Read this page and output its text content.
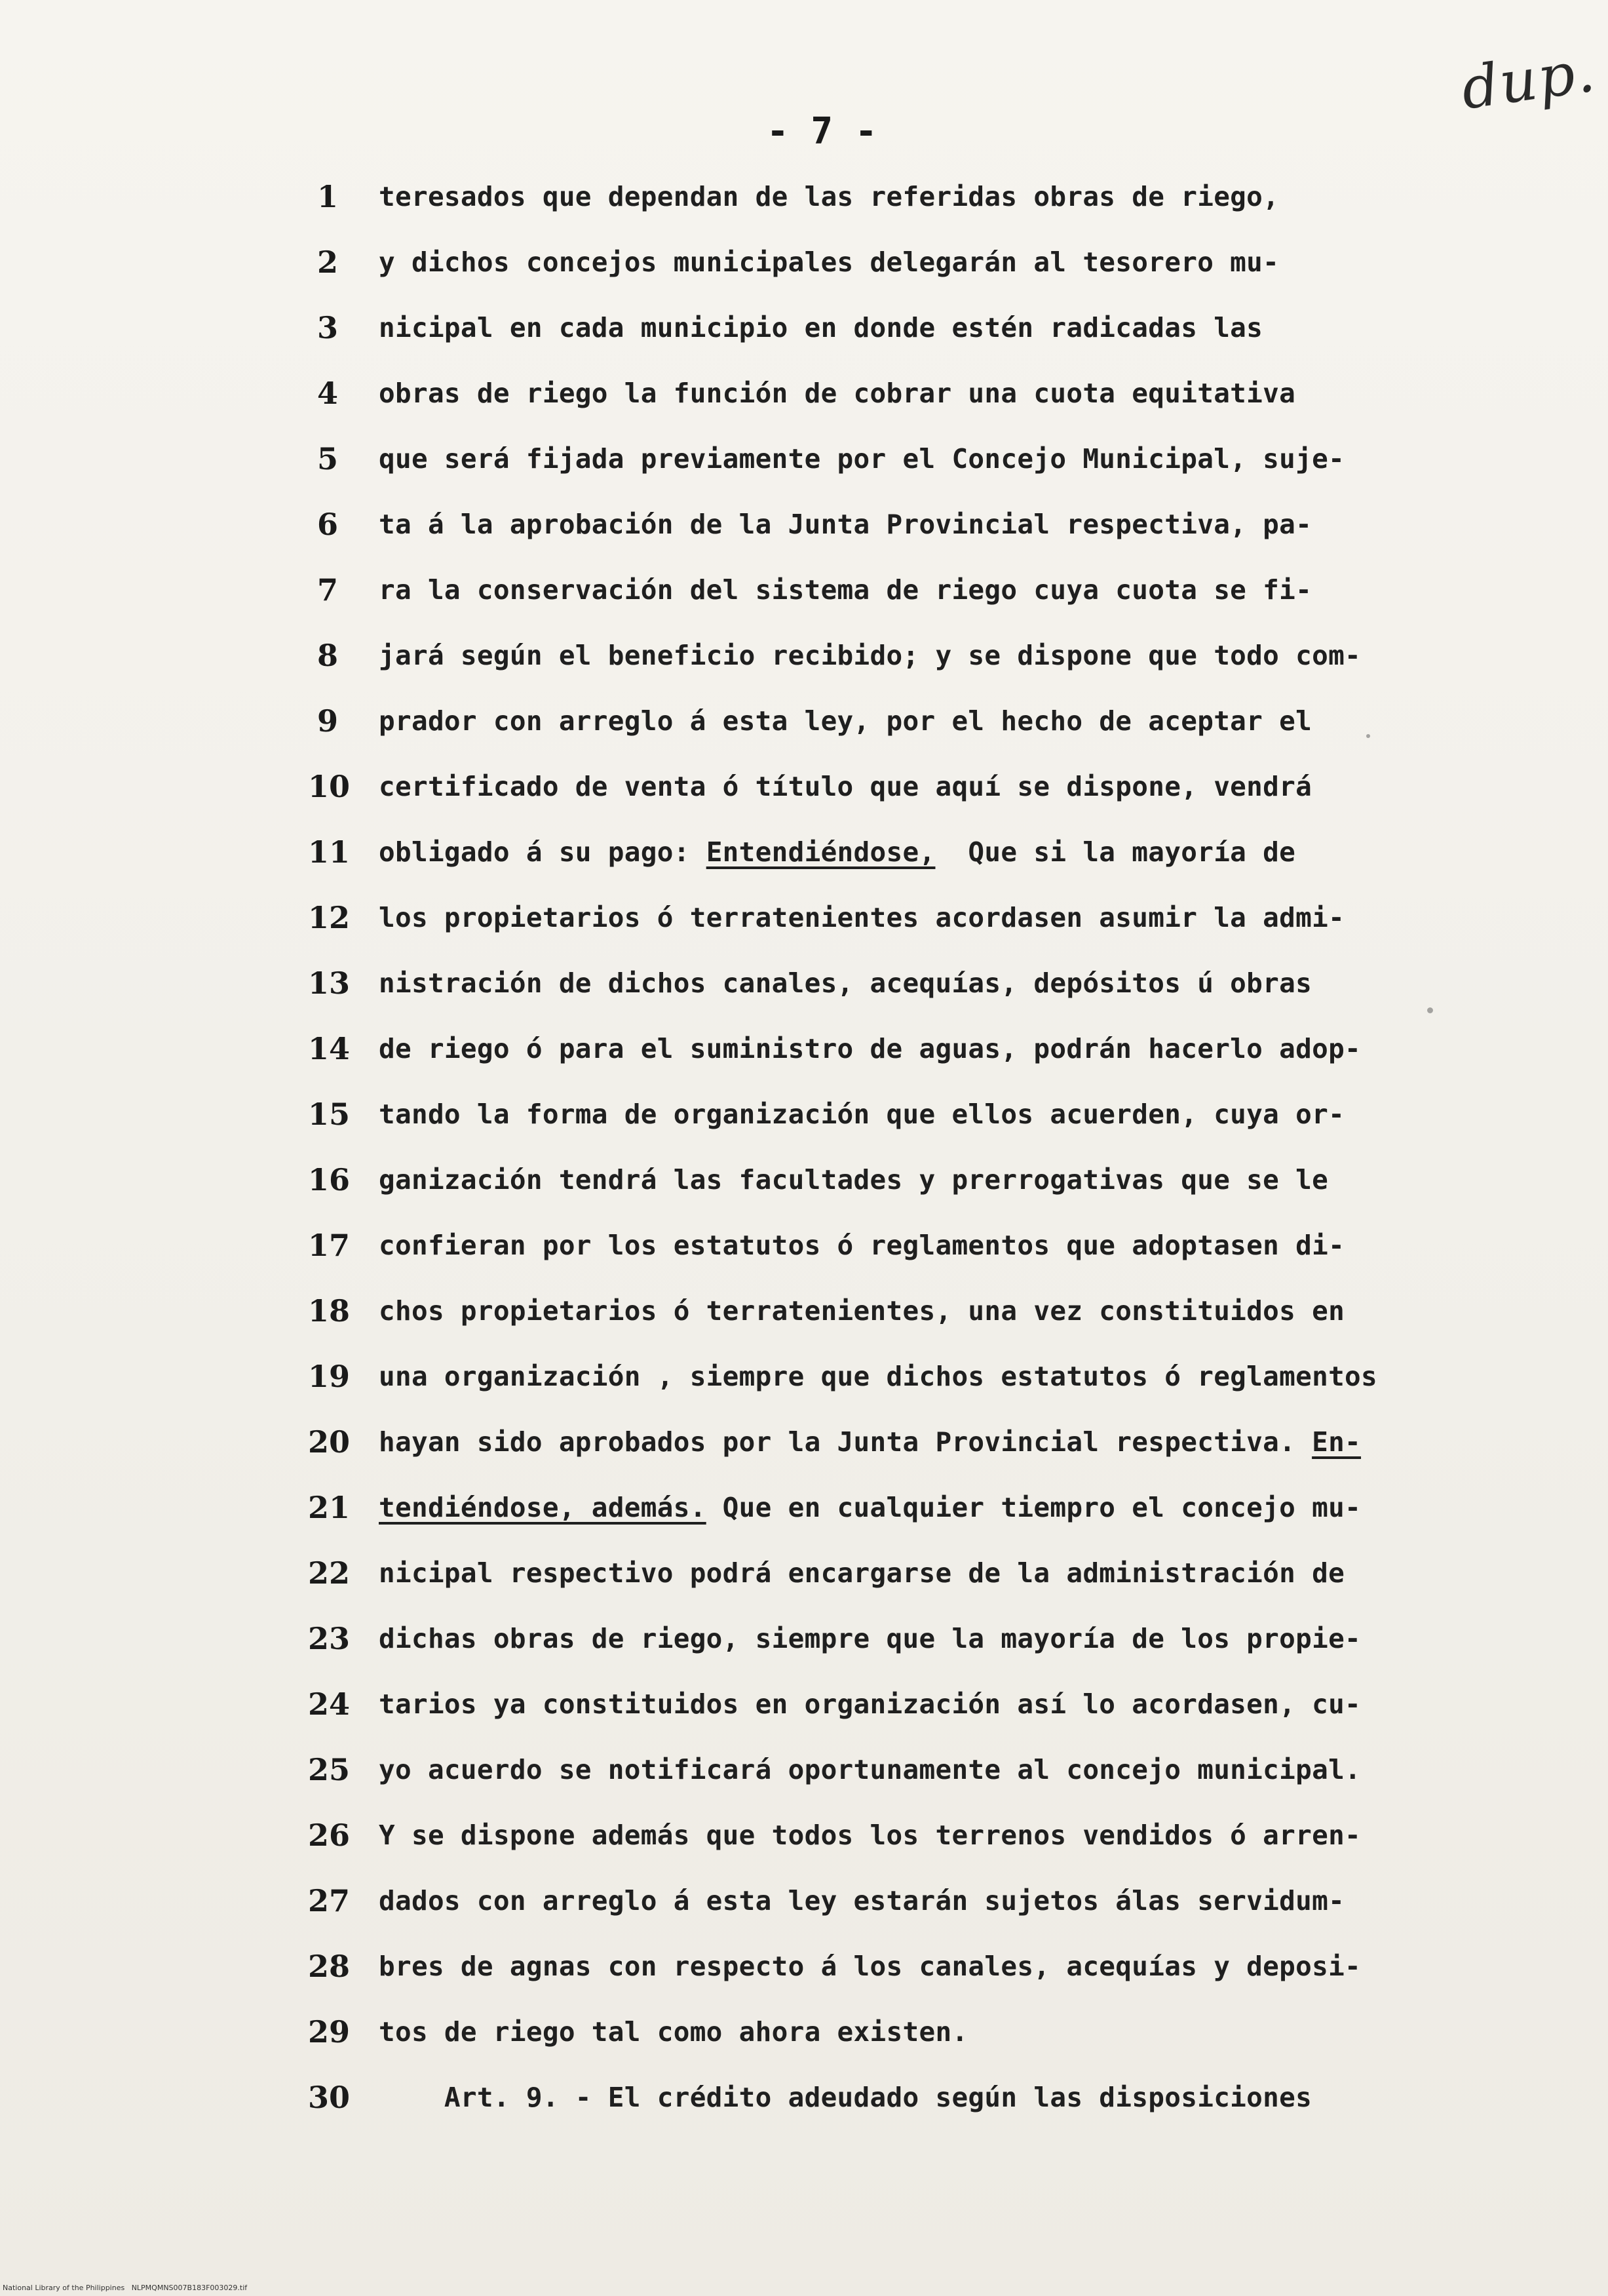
dup.
- 7 -
1	teresados que dependan de las referidas obras de riego,
2	y dichos concejos municipales delegarán al tesorero mu-
3	nicipal en cada municipio en donde estén radicadas las
4	obras de riego la función de cobrar una cuota equitativa
5	que será fijada previamente por el Concejo Municipal, suje-
6	ta á la aprobación de la Junta Provincial respectiva, pa-
7	ra la conservación del sistema de riego cuya cuota se fi-
8	jará según el beneficio recibido; y se dispone que todo com-
9	prador con arreglo á esta ley, por el hecho de aceptar el
10 certificado de venta ó título que aquí se dispone, vendrá
11 obligado á su pago: Entendiéndose,  Que si la mayoría de
12 los propietarios ó terratenientes acordasen asumir la admi-
13 nistración de dichos canales, acequías, depósitos ú obras
14 de riego ó para el suministro de aguas, podrán hacerlo adop-
15 tando la forma de organización que ellos acuerden, cuya or-
16 ganización tendrá las facultades y prerrogativas que se le
17 confieran por los estatutos ó reglamentos que adoptasen di-
18 chos propietarios ó terratenientes, una vez constituidos en
19 una organización , siempre que dichos estatutos ó reglamentos
20 hayan sido aprobados por la Junta Provincial respectiva. En-
21 tendiéndose, además. Que en cualquier tiempro el concejo mu-
22 nicipal respectivo podrá encargarse de la administración de
23 dichas obras de riego, siempre que la mayoría de los propie-
24 tarios ya constituidos en organización así lo acordasen, cu-
25 yo acuerdo se notificará oportunamente al concejo municipal.
26 Y se dispone además que todos los terrenos vendidos ó arren-
27 dados con arreglo á esta ley estarán sujetos álas servidum-
28 bres de agnas con respecto á los canales, acequías y deposi-
29 tos de riego tal como ahora existen.
30 Art. 9. - El crédito adeudado según las disposiciones
National Library of the Philippines   NLPMQMNS007B183F003029.tif
